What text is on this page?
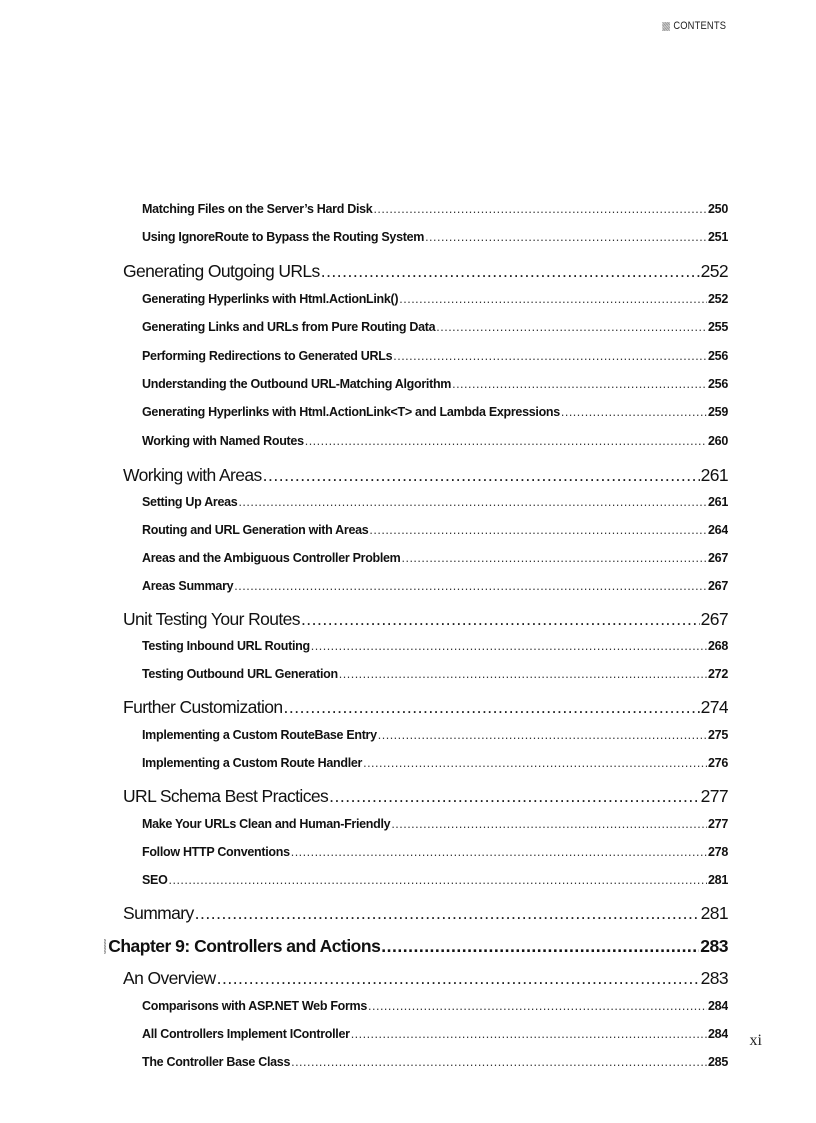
CONTENTS
Matching Files on the Server’s Hard Disk .....	250
Using IgnoreRoute to Bypass the Routing System .....	251
Generating Outgoing URLs .....	252
Generating Hyperlinks with Html.ActionLink() .....	252
Generating Links and URLs from Pure Routing Data .....	255
Performing Redirections to Generated URLs .....	256
Understanding the Outbound URL-Matching Algorithm .....	256
Generating Hyperlinks with Html.ActionLink<T> and Lambda Expressions .....	259
Working with Named Routes .....	260
Working with Areas .....	261
Setting Up Areas .....	261
Routing and URL Generation with Areas .....	264
Areas and the Ambiguous Controller Problem .....	267
Areas Summary .....	267
Unit Testing Your Routes .....	267
Testing Inbound URL Routing .....	268
Testing Outbound URL Generation .....	272
Further Customization .....	274
Implementing a Custom RouteBase Entry .....	275
Implementing a Custom Route Handler .....	276
URL Schema Best Practices .....	277
Make Your URLs Clean and Human-Friendly .....	277
Follow HTTP Conventions .....	278
SEO .....	281
Summary .....	281
Chapter 9: Controllers and Actions .....	283
An Overview .....	283
Comparisons with ASP.NET Web Forms .....	284
All Controllers Implement IController .....	284
The Controller Base Class .....	285
xi
